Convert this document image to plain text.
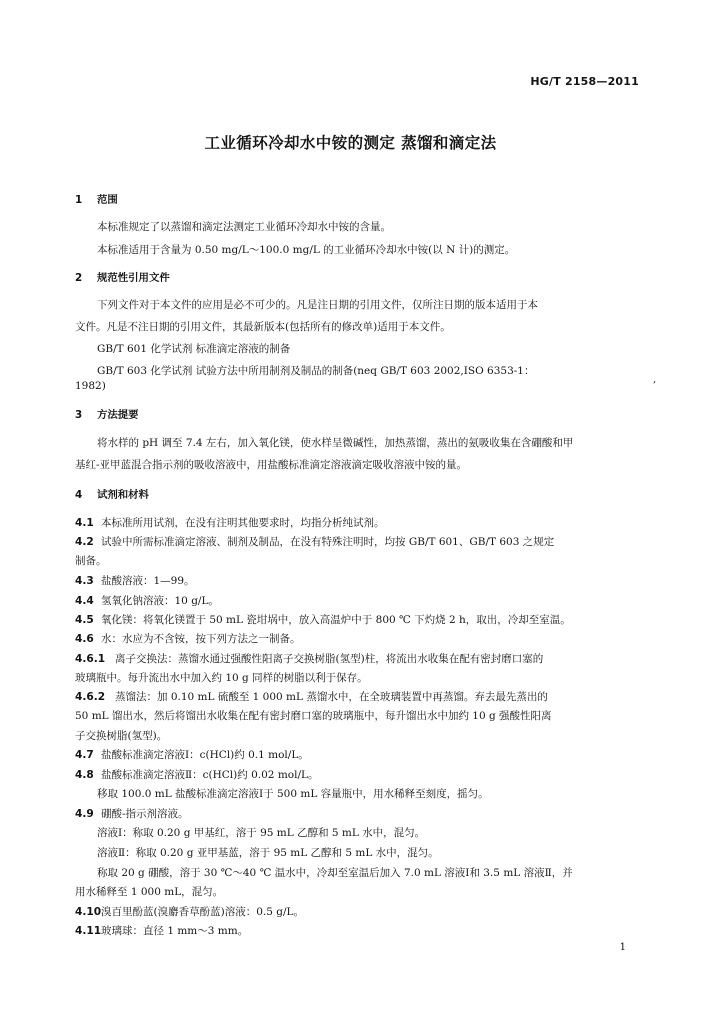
HG/T 2158—2011
工业循环冷却水中铵的测定 蒸馏和滴定法
1 范围
本标准规定了以蒸馏和滴定法测定工业循环冷却水中铵的含量。
本标准适用于含量为 0.50 mg/L～100.0 mg/L 的工业循环冷却水中铵(以 N 计)的测定。
2 规范性引用文件
下列文件对于本文件的应用是必不可少的。凡是注日期的引用文件，仅所注日期的版本适用于本
文件。凡是不注日期的引用文件，其最新版本(包括所有的修改单)适用于本文件。
GB/T 601 化学试剂 标准滴定溶液的制备
GB/T 603 化学试剂 试验方法中所用制剂及制品的制备(neq GB/T 603 2002,ISO 6353-1：
1982)
3 方法提要
将水样的 pH 调至 7.4 左右，加入氧化镁，使水样呈微碱性，加热蒸馏，蒸出的氨吸收集在含硼酸和甲
基红-亚甲蓝混合指示剂的吸收溶液中，用盐酸标准滴定溶液滴定吸收溶液中铵的量。
4 试剂和材料
4.1 本标准所用试剂，在没有注明其他要求时，均指分析纯试剂。
4.2 试验中所需标准滴定溶液、制剂及制品，在没有特殊注明时，均按 GB/T 601、GB/T 603 之规定
制备。
4.3 盐酸溶液：1—99。
4.4 氢氧化钠溶液：10 g/L。
4.5 氧化镁：将氧化镁置于 50 mL 瓷坩埚中，放入高温炉中于 800 ℃ 下灼烧 2 h，取出，冷却至室温。
4.6 水：水应为不含铵，按下列方法之一制备。
4.6.1 离子交换法：蒸馏水通过强酸性阳离子交换树脂(氢型)柱，将流出水收集在配有密封磨口塞的
玻璃瓶中。每升流出水中加入约 10 g 同样的树脂以利于保存。
4.6.2 蒸馏法：加 0.10 mL 硫酸至 1 000 mL 蒸馏水中，在全玻璃装置中再蒸馏。弃去最先蒸出的
50 mL 馏出水，然后将馏出水收集在配有密封磨口塞的玻璃瓶中，每升馏出水中加约 10 g 强酸性阳离
子交换树脂(氢型)。
4.7 盐酸标准滴定溶液Ⅰ：c(HCl)约 0.1 mol/L。
4.8 盐酸标准滴定溶液Ⅱ：c(HCl)约 0.02 mol/L。
移取 100.0 mL 盐酸标准滴定溶液Ⅰ于 500 mL 容量瓶中，用水稀释至刻度，摇匀。
4.9 硼酸-指示剂溶液。
溶液Ⅰ：称取 0.20 g 甲基红，溶于 95 mL 乙醇和 5 mL 水中，混匀。
溶液Ⅱ：称取 0.20 g 亚甲基蓝，溶于 95 mL 乙醇和 5 mL 水中，混匀。
称取 20 g 硼酸，溶于 30 ℃～40 ℃ 温水中，冷却至室温后加入 7.0 mL 溶液Ⅰ和 3.5 mL 溶液Ⅱ，并
用水稀释至 1 000 mL，混匀。
4.10 溴百里酚蓝(溴麝香草酚蓝)溶液：0.5 g/L。
4.11 玻璃球：直径 1 mm～3 mm。
,
1
